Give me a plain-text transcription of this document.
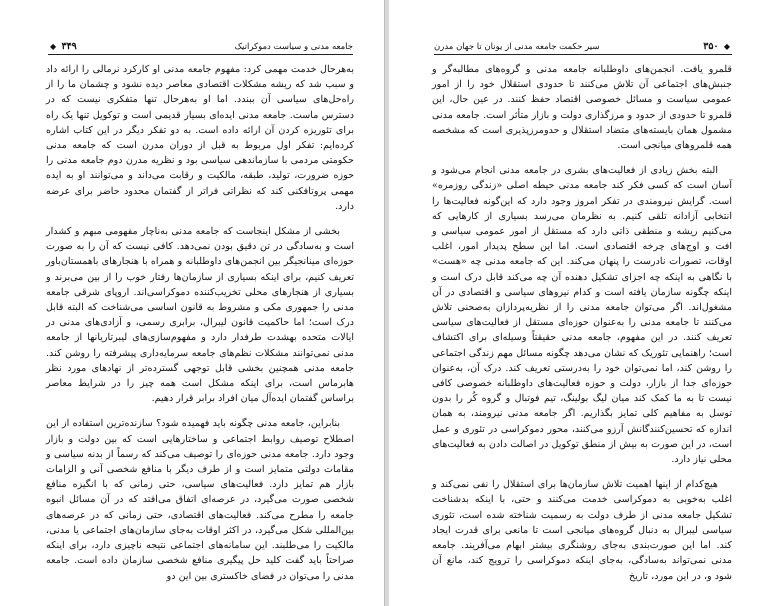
◆ ۳۵۰
سیر حکمت جامعه مدنی از یونان تا جهان مدرن

قلمرو یافت. انجمن‌های داوطلبانه جامعه مدنی و گروه‌های مطالبه‌گر و جنبش‌های اجتماعی آن تلاش می‌کنند تا حدودی استقلال خود را از امور عمومی سیاست و مسائل خصوصی اقتصاد حفظ کنند. در عین حال، این قلمرو تا حدودی از حدود و مرزگذاری دولت و بازار متأثر است. جامعه مدنی مشمول همان بایسته‌های متضاد استقلال و حدومرزپذیری است که مشخصه همه قلمروهای میانجی است.

البته بخش زیادی از فعالیت‌های بشری در جامعه مدنی انجام می‌شود و آسان است که کسی فکر کند جامعه مدنی حیطه اصلی «زندگی روزمره» است. گرایش نیرومندی در تفکر امروز وجود دارد که این‌گونه فعالیت‌ها را انتخابی آزادانه تلقی کنیم. به نظرمان می‌رسد بسیاری از کارهایی که می‌کنیم ریشه و منطقی ذاتی دارد که مستقل از امور عمومی سیاسی و افت و اوج‌های چرخه اقتصادی است. اما این سطح پدیدار امور، اغلب اوقات، تصورات نادرست را پنهان می‌کند. این که جامعه مدنی چه «هست» با نگاهی به اینکه چه اجزای تشکیل دهنده آن چه می‌کند قابل درک است و اینکه چگونه سازمان یافته است و کدام نیروهای سیاسی و اقتصادی در آن مشغول‌اند. اگر می‌توان جامعه مدنی را از نظریه‌پردازان به‌صحنی تلاش می‌کنند تا جامعه مدنی را به‌عنوان حوزه‌ای مستقل از فعالیت‌های سیاسی تعریف کنند. در این مفهوم، جامعه مدنی حقیقتاً وسیله‌ای برای اکتشاف است؛ راهنمایی تئوریک که نشان می‌دهد چگونه مسائل مهم زندگی اجتماعی را روشن کند، اما نمی‌توان خود را به‌درستی تعریف کند. درک آن، به‌عنوان حوزه‌ای جدا از بازار، دولت و حوزه فعالیت‌های داوطلبانه خصوصی کافی نیست تا به ما کمک کند میان لیگ بولینگ، تیم فوتبال و گروه کُر را بدون توسل به مفاهیم کلی تمایز بگذاریم. اگر جامعه مدنی نیرومند، به همان اندازه که تحسین‌کنندگانش آرزو می‌کنند، محور دموکراسی در تئوری و عمل است، در این صورت به بیش از منطق توکویل در اصالت دادن به فعالیت‌های محلی نیاز دارد.

هیچ‌کدام از اینها اهمیت تلاش سازمان‌ها برای استقلال را نفی نمی‌کند و اغلب به‌خوبی به دموکراسی خدمت می‌کنند و حتی، با اینکه بدشناخت تشکیل جامعه مدنی از طرف دولت به رسمیت شناخته شده است، تئوری سیاسی لیبرال به دنبال گروه‌های میانجی است تا مانعی برای قدرت ایجاد کند. اما این صورت‌بندی به‌جای روشنگری بیشتر ابهام می‌آفریند. جامعه مدنی نمی‌تواند به‌سادگی، به‌جای اینکه دموکراسی را ترویج کند، مانع آن شود و، در این مورد، تاریخ

۳۴۹ ◆	جامعه مدنی و سیاست دموکراتیک

به‌هرحال خدمت مهمی کرد: مفهوم جامعه مدنی او کارکرد نرمالی را ارائه داد و سبب شد که ریشه مشکلات اقتصادی معاصر دیده نشود و چشمان ما را از راه‌حل‌های سیاسی آن ببندد. اما او به‌هرحال تنها متفکری نیست که در دسترس ماست. جامعه مدنی ایده‌ای بسیار قدیمی است و توکویل تنها یک راه برای تئوریزه کردن آن ارائه داده است. به دو تفکر دیگر در این کتاب اشاره کرده‌ایم: تفکر اول مربوط به قبل از دوران مدرن است که جامعه مدنی حکومتی مردمی با سازماندهی سیاسی بود و نظریه مدرن دوم جامعه مدنی را حوزه ضرورت، تولید، طبقه، مالکیت و رقابت می‌داند و می‌توانند او به ایده مهمی پروتافکنی کند که نظراتی فراتر از گفتمان محدود حاضر برای عرضه دارد.

بخشی از مشکل اینجاست که جامعه مدنی به‌ناچار مفهومی مبهم و کشدار است و به‌سادگی در تن دقیق بودن نمی‌دهد. کافی نیست که آن را به صورت حوزه‌ای مینانجیگر بین انجمن‌های داوطلبانه و همراه با هنجارهای باهمستان‌باور تعریف کنیم، برای اینکه بسیاری از سازمان‌ها رفتار خوب را از بین می‌برند و بسیاری از هنجارهای محلی تخریب‌کننده دموکراسی‌اند. اروپای شرقی جامعه مدنی را جمهوری مکی و مشروط به قانون اساسی می‌شناخت که البته قابل درک است؛ اما حاکمیت قانون لیبرال، برابری رسمی، و آزادی‌های مدنی در ایالات متحده بهشدت طرفدار دارد و مفهوم‌سازی‌های لیبرتاریانها از جامعه مدنی نمی‌توانند مشکلات نظم‌های جامعه سرمایه‌داری پیشرفته را روشن کند. جامعه مدنی همچنین بخشی قابل توجهی گسترده‌تر از نهادهای مورد نظر هابرماس است، برای اینکه مشکل است همه چیز را در شرایط معاصر براساس گفتمان ایده‌آل میان افراد برابر قرار دهیم.

بنابراین، جامعه مدنی چگونه باید فهمیده شود؟ سازنده‌ترین استفاده از این اصطلاح توصیف روابط اجتماعی و ساختارهایی است که بین دولت و بازار وجود دارد. جامعه مدنی حوزه‌ای را توصیف می‌کند که رسماً از بدنه سیاسی و مقامات دولتی متمایز است و از طرف دیگر با منافع شخصی آنی و الزامات بازار هم تمایز دارد. فعالیت‌های سیاسی، حتی زمانی که با انگیزه منافع شخصی صورت می‌گیرد، در عرصه‌ای اتفاق می‌افتد که در آن مسائل انبوه جامعه را مطرح می‌کند. فعالیت‌های اقتصادی، حتی زمانی که در عرصه‌های بین‌المللی شکل می‌گیرد، در اکثر اوقات به‌جای سازمان‌های اجتماعی یا مدنی، مالکیت را می‌طلبند. این سامانه‌های اجتماعی نتیجه ناچیزی دارد، برای اینکه صراحتاً باید گفت کلید حل پیگیری منافع شخصی سازمان داده است. جامعه مدنی را می‌توان در فضای خاکستری بین این دو
